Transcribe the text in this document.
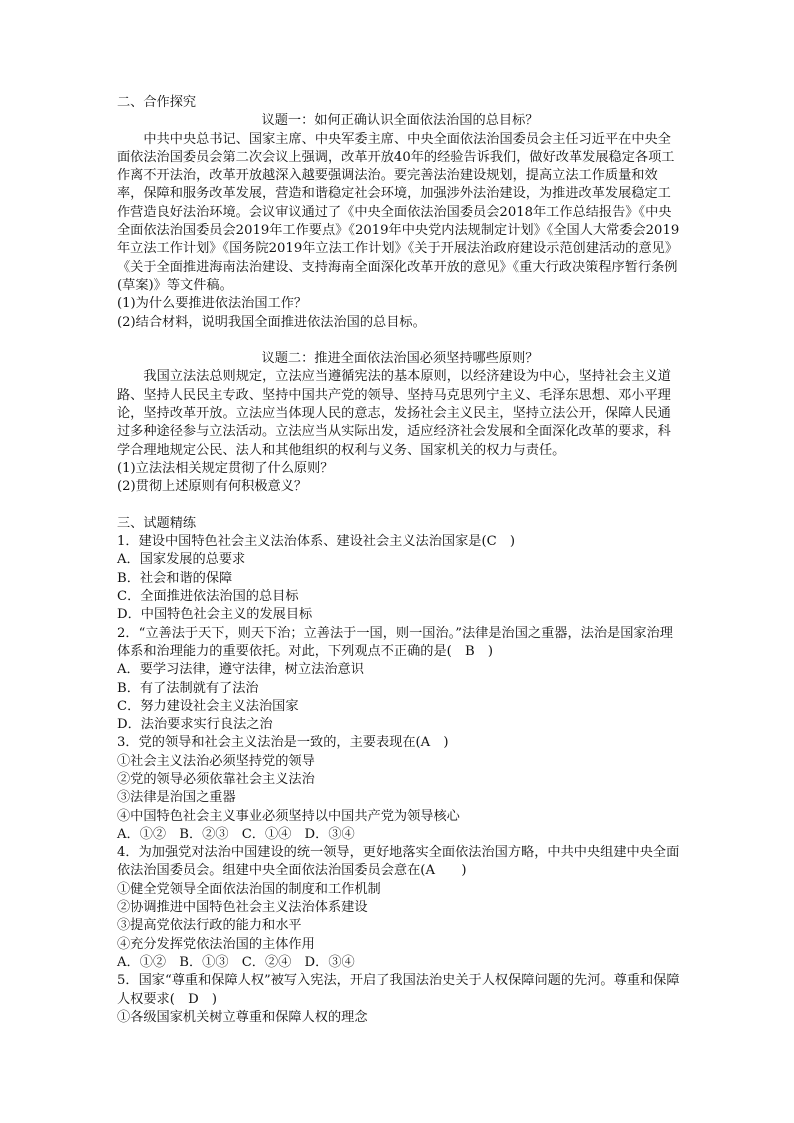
二、合作探究
议题一：如何正确认识全面依法治国的总目标？
中共中央总书记、国家主席、中央军委主席、中央全面依法治国委员会主任习近平在中央全面依法治国委员会第二次会议上强调，改革开放40年的经验告诉我们，做好改革发展稳定各项工作离不开法治，改革开放越深入越要强调法治。要完善法治建设规划，提高立法工作质量和效率，保障和服务改革发展，营造和谐稳定社会环境，加强涉外法治建设，为推进改革发展稳定工作营造良好法治环境。会议审议通过了《中央全面依法治国委员会2018年工作总结报告》《中央全面依法治国委员会2019年工作要点》《2019年中央党内法规制定计划》《全国人大常委会2019年立法工作计划》《国务院2019年立法工作计划》《关于开展法治政府建设示范创建活动的意见》《关于全面推进海南法治建设、支持海南全面深化改革开放的意见》《重大行政决策程序暂行条例(草案)》等文件稿。
(1)为什么要推进依法治国工作？
(2)结合材料，说明我国全面推进依法治国的总目标。
议题二：推进全面依法治国必须坚持哪些原则？
我国立法法总则规定，立法应当遵循宪法的基本原则，以经济建设为中心，坚持社会主义道路、坚持人民民主专政、坚持中国共产党的领导、坚持马克思列宁主义、毛泽东思想、邓小平理论，坚持改革开放。立法应当体现人民的意志，发扬社会主义民主，坚持立法公开，保障人民通过多种途径参与立法活动。立法应当从实际出发，适应经济社会发展和全面深化改革的要求，科学合理地规定公民、法人和其他组织的权利与义务、国家机关的权力与责任。
(1)立法法相关规定贯彻了什么原则？
(2)贯彻上述原则有何积极意义？
三、试题精练
1．建设中国特色社会主义法治体系、建设社会主义法治国家是(C　)
A．国家发展的总要求
B．社会和谐的保障
C．全面推进依法治国的总目标
D．中国特色社会主义的发展目标
2．“立善法于天下，则天下治；立善法于一国，则一国治。”法律是治国之重器，法治是国家治理体系和治理能力的重要依托。对此，下列观点不正确的是(　B　)
A．要学习法律，遵守法律，树立法治意识
B．有了法制就有了法治
C．努力建设社会主义法治国家
D．法治要求实行良法之治
3．党的领导和社会主义法治是一致的，主要表现在(A　)
①社会主义法治必须坚持党的领导
②党的领导必须依靠社会主义法治
③法律是治国之重器
④中国特色社会主义事业必须坚持以中国共产党为领导核心
A．①②　B．②③　C．①④　D．③④
4．为加强党对法治中国建设的统一领导，更好地落实全面依法治国方略，中共中央组建中央全面依法治国委员会。组建中央全面依法治国委员会意在(A　　)
①健全党领导全面依法治国的制度和工作机制
②协调推进中国特色社会主义法治体系建设
③提高党依法行政的能力和水平
④充分发挥党依法治国的主体作用
A．①②　B．①③　C．②④　D．③④
5．国家“尊重和保障人权”被写入宪法，开启了我国法治史关于人权保障问题的先河。尊重和保障人权要求(　D　)
①各级国家机关树立尊重和保障人权的理念
